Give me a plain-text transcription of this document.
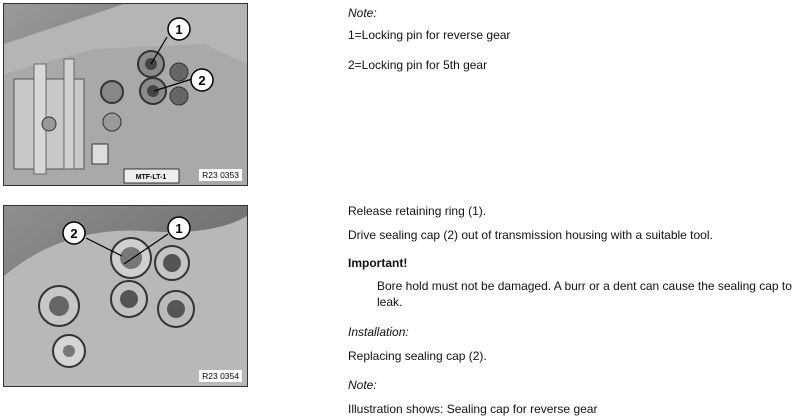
1
2
MTF-LT-1	R23 0353
2	1
R23 0354
Note:
1=Locking pin for reverse gear
2=Locking pin for 5th gear
Release retaining ring (1).
Drive sealing cap (2) out of transmission housing with a suitable tool.
Important!
Bore hold must not be damaged. A burr or a dent can cause the sealing cap to leak.
Installation:
Replacing sealing cap (2).
Note:
Illustration shows: Sealing cap for reverse gear
